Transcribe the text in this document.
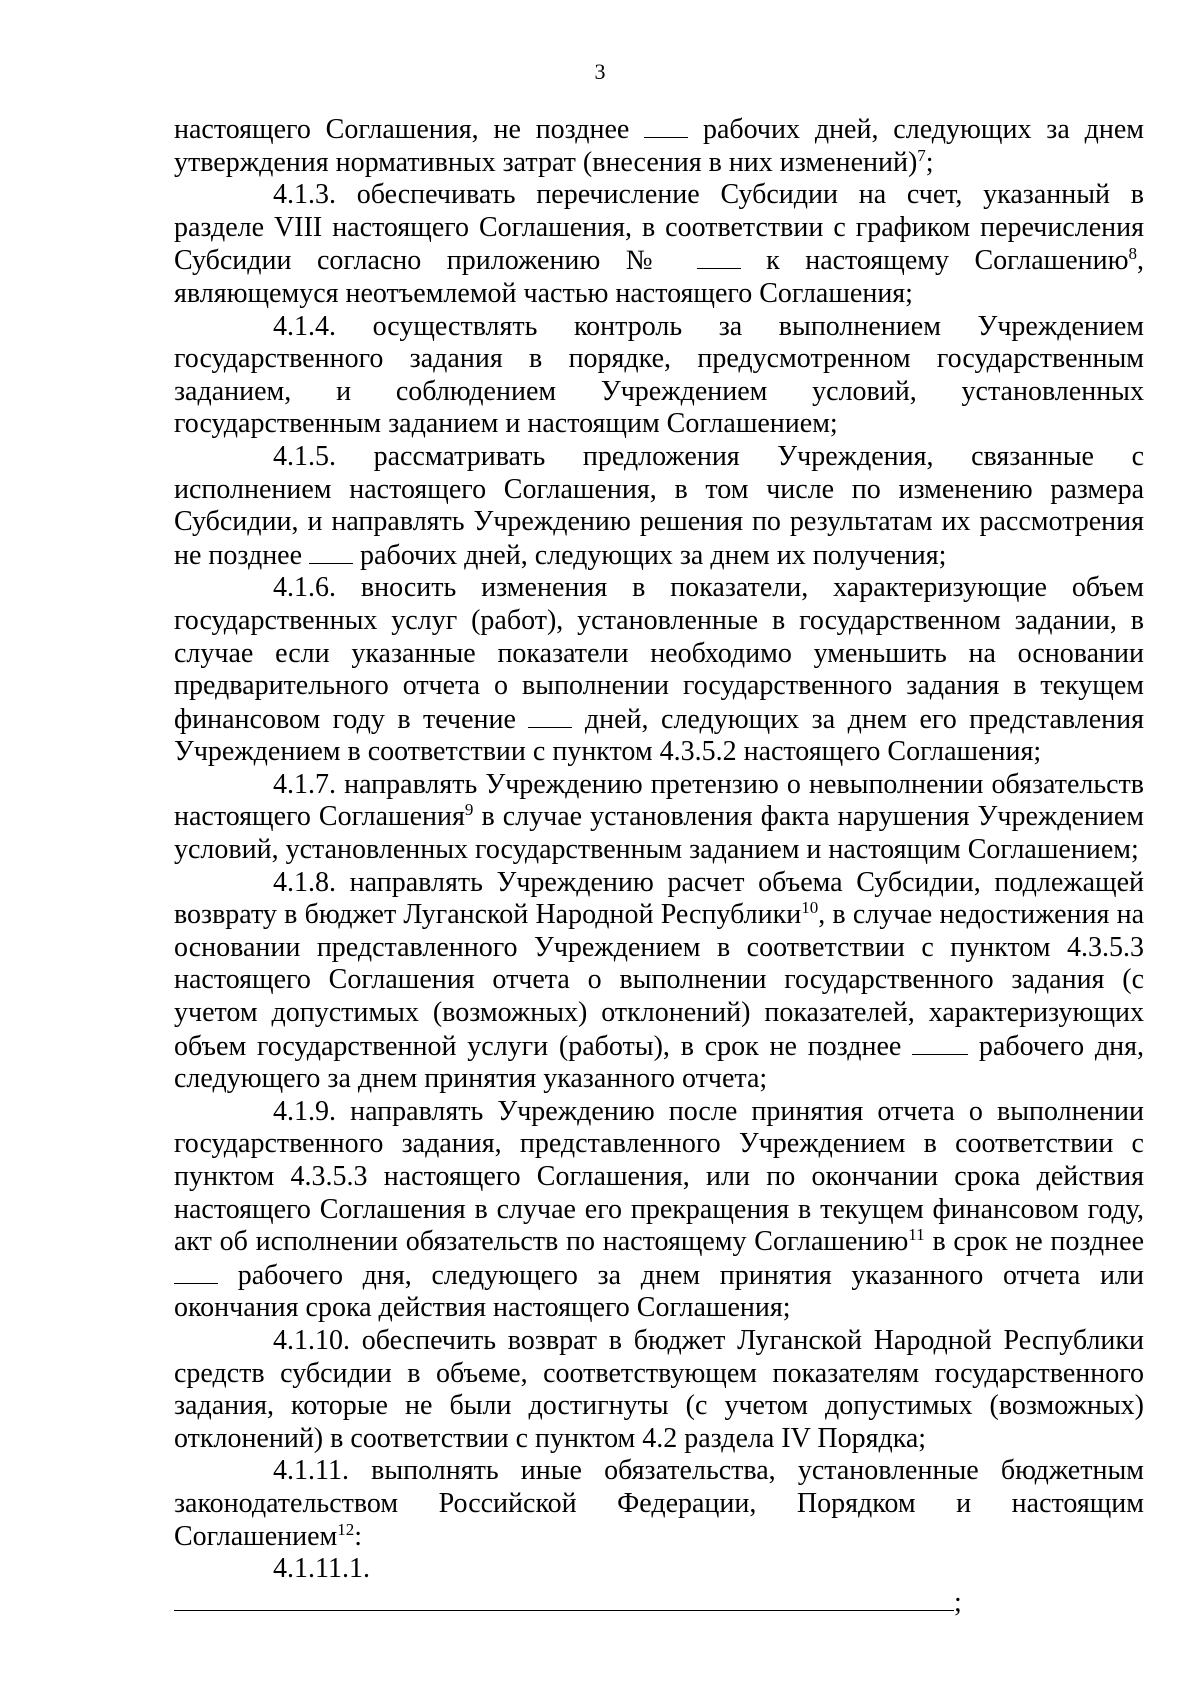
3

настоящего Соглашения, не позднее	рабочих дней, следующих за днем утверждения нормативных затрат (внесения в них изменений)$^7$;

4.1.3. обеспечивать перечисление Субсидии на счет, указанный в разделе VIII настоящего Соглашения, в соответствии с графиком перечисления Субсидии согласно приложению №	к настоящему Соглашению$^8$, являющемуся неотъемлемой частью настоящего Соглашения;

4.1.4. осуществлять контроль за выполнением Учреждением государственного задания в порядке, предусмотренном государственным заданием, и соблюдением Учреждением условий, установленных государственным заданием и настоящим Соглашением;

4.1.5. рассматривать предложения Учреждения, связанные с исполнением настоящего Соглашения, в том числе по изменению размера Субсидии, и направлять Учреждению решения по результатам их рассмотрения не позднее рабочих дней, следующих за днем их получения;

4.1.6. вносить изменения в показатели, характеризующие объем государственных услуг (работ), установленные в государственном задании, в случае если указанные показатели необходимо уменьшить на основании предварительного отчета о выполнении государственного задания в текущем финансовом году в течение дней, следующих за днем его представления Учреждением в соответствии с пунктом 4.3.5.2 настоящего Соглашения;

4.1.7. направлять Учреждению претензию о невыполнении обязательств настоящего Соглашения$^9$ в случае установления факта нарушения Учреждением условий, установленных государственным заданием и настоящим Соглашением;

4.1.8. направлять Учреждению расчет объема Субсидии, подлежащей возврату в бюджет Луганской Народной Республики$^{10}$, в случае недостижения на основании представленного Учреждением в соответствии с пунктом 4.3.5.3 настоящего Соглашения отчета о выполнении государственного задания (с учетом допустимых (возможных) отклонений) показателей, характеризующих объем государственной услуги (работы), в срок не позднее	рабочего дня, следующего за днем принятия указанного отчета;

4.1.9. направлять Учреждению после принятия отчета о выполнении государственного задания, представленного Учреждением в соответствии с пунктом 4.3.5.3 настоящего Соглашения, или по окончании срока действия настоящего Соглашения в случае его прекращения в текущем финансовом году, акт об исполнении обязательств по настоящему Соглашению$^{11}$ в срок не позднее  рабочего дня, следующего за днем принятия указанного отчета или окончания срока действия настоящего Соглашения;

4.1.10. обеспечить возврат в бюджет Луганской Народной Республики средств субсидии в объеме, соответствующем показателям государственного задания, которые не были достигнуты (с учетом допустимых (возможных) отклонений) в соответствии с пунктом 4.2 раздела IV Порядка;

4.1.11. выполнять иные обязательства, установленные бюджетным законодательством Российской Федерации, Порядком и настоящим Соглашением$^{12}$:

4.1.11.1. ;
